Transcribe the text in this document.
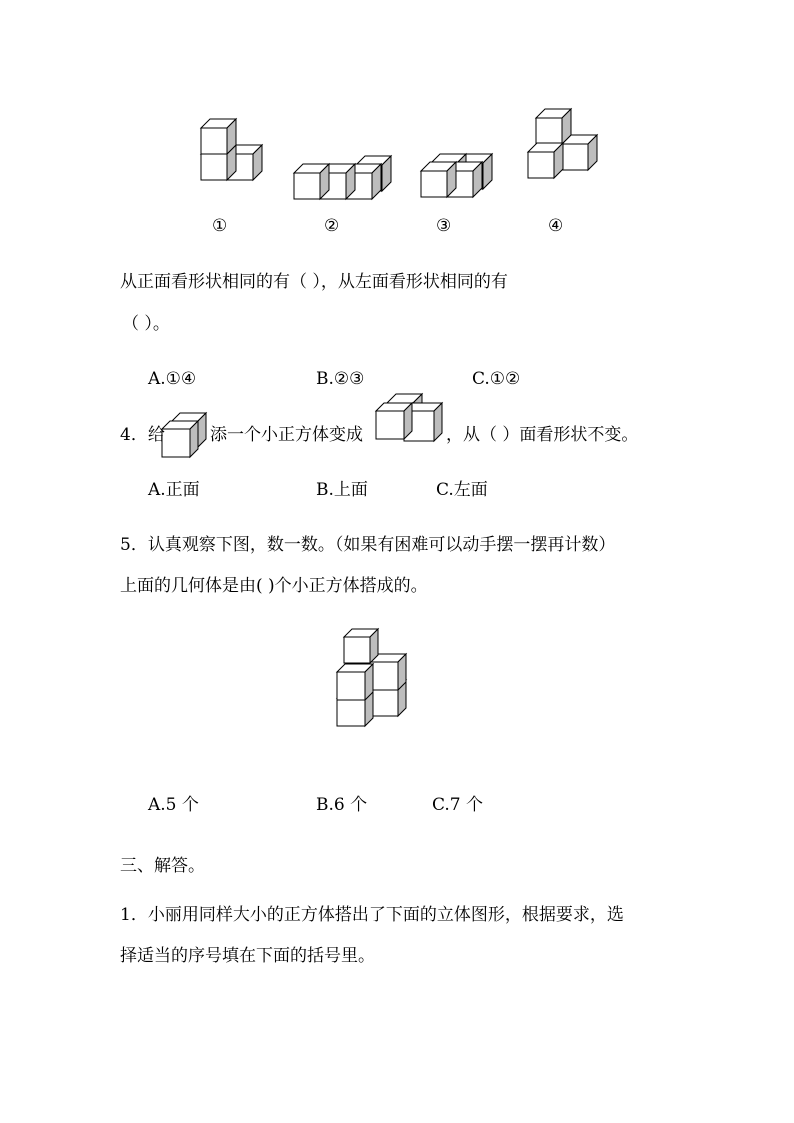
①	②	③	④
从正面看形状相同的有（ ），从左面看形状相同的有
（ ）。
A.①④	B.②③	C.①②
4．给	添一个小正方体变成	，从（ ）面看形状不变。
A.正面	B.上面	C.左面
5．认真观察下图，数一数。（如果有困难可以动手摆一摆再计数）
上面的几何体是由( )个小正方体搭成的。
A.5 个	B.6 个	C.7 个
三、解答。
1．小丽用同样大小的正方体搭出了下面的立体图形，根据要求，选
择适当的序号填在下面的括号里。
